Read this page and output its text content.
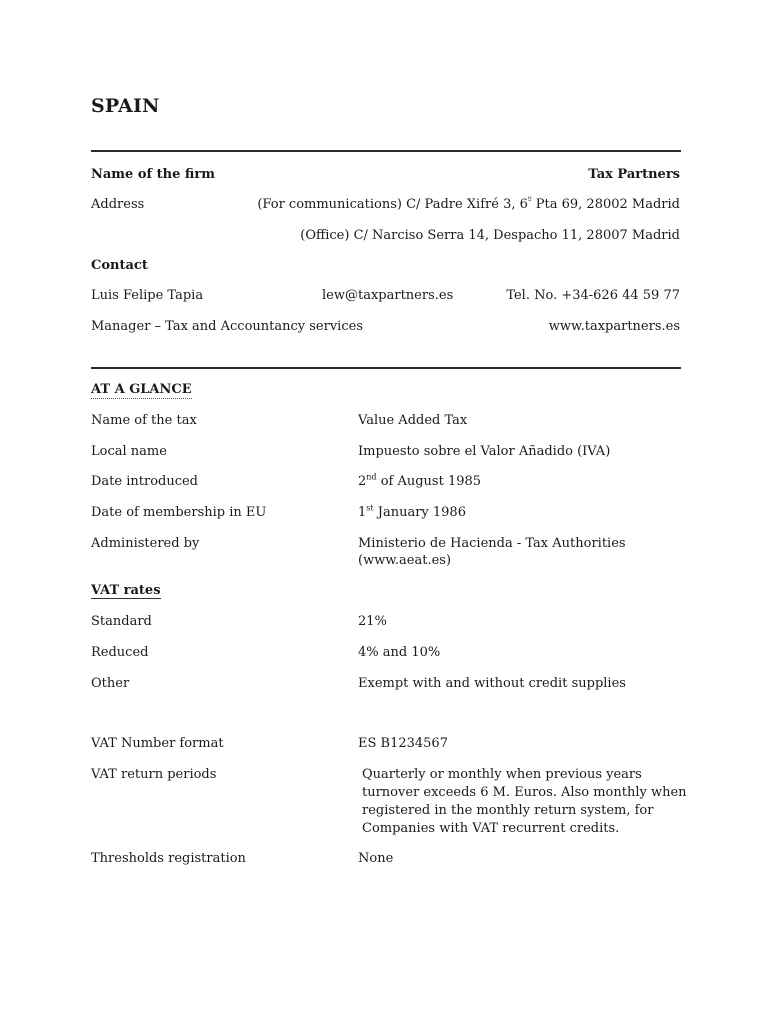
SPAIN
Name of the firm	Tax Partners
Address	(For communications) C/ Padre Xifré 3, $6^º$ Pta 69, 28002 Madrid
(Office) C/ Narciso Serra 14, Despacho 11, 28007 Madrid
Contact
Luis Felipe Tapia	lew@taxpartners.es	Tel. No. +34-626 44 59 77
Manager – Tax and Accountancy services	www.taxpartners.es
AT A GLANCE
Name of the tax	Value Added Tax
Local name	Impuesto sobre el Valor Añadido (IVA)
Date introduced	2nd of August 1985
Date of membership in EU	1st January 1986
Administered by	Ministerio de Hacienda - Tax Authorities
(www.aeat.es)
VAT rates
Standard	21%
Reduced	4% and 10%
Other	Exempt with and without credit supplies
VAT Number format	ES B1234567
VAT return periods	Quarterly or monthly when previous years
turnover exceeds 6 M. Euros. Also monthly when
registered in the monthly return system, for
Companies with VAT recurrent credits.
Thresholds registration	None
